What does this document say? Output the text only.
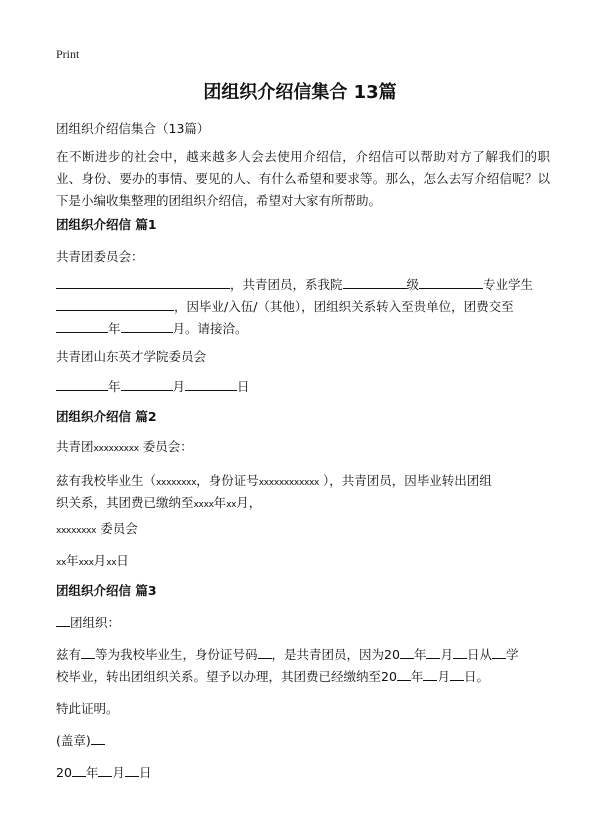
Print
团组织介绍信集合 13篇

团组织介绍信集合（13篇）

在不断进步的社会中，越来越多人会去使用介绍信，介绍信可以帮助对方了解我们的职业、身份、要办的事情、要见的人、有什么希望和要求等。那么，怎么去写介绍信呢？以下是小编收集整理的团组织介绍信，希望对大家有所帮助。

团组织介绍信 篇1

共青团委员会：

，共青团员，系我院	级	专业学生

，因毕业/入伍/（其他），团组织关系转入至贵单位，团费交至

年	月。请接洽。

共青团山东英才学院委员会

年	月	日

团组织介绍信 篇2

共青团xxxxxxxxx 委员会：

兹有我校毕业生（xxxxxxxx，身份证号xxxxxxxxxxxx ），共青团员，因毕业转出团组

织关系，其团费已缴纳至xxxx年xx月，

xxxxxxxx 委员会

xx年xxx月xx日

团组织介绍信 篇3

团组织：

兹有 等为我校毕业生，身份证号码 ，是共青团员，因为20 年 月 日从 学

校毕业，转出团组织关系。望予以办理，其团费已经缴纳至20 年 月 日。

特此证明。

(盖章)

20 年 月 日
